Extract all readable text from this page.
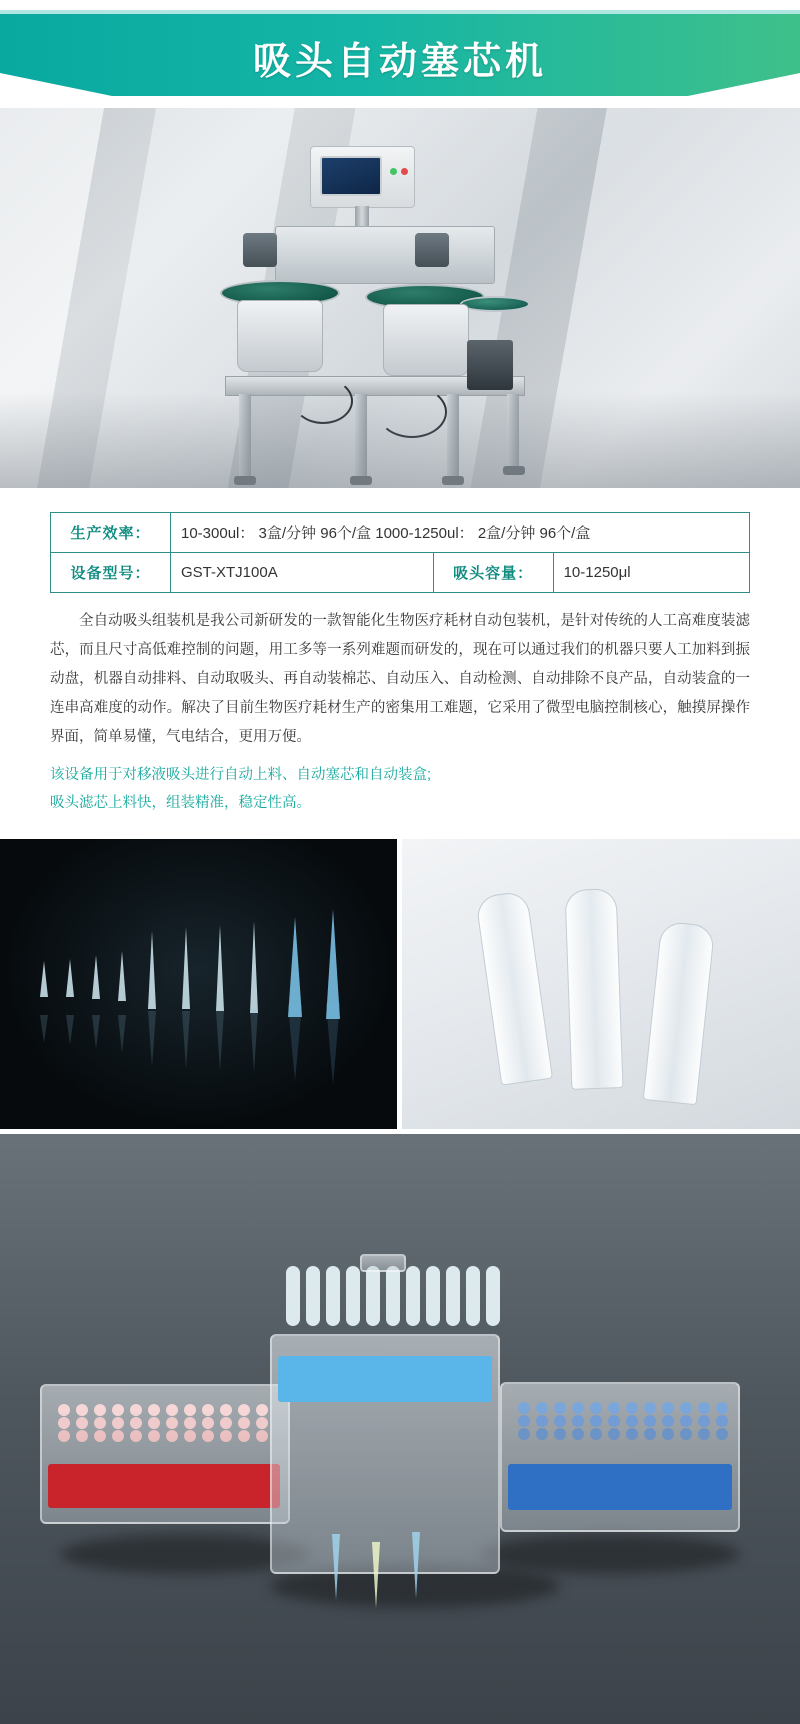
吸头自动塞芯机
生产效率：	10-300ul： 3盒/分钟 96个/盒 1000-1250ul： 2盒/分钟 96个/盒		
设备型号：	GST-XTJ100A	吸头容量：	10-1250μl
全自动吸头组装机是我公司新研发的一款智能化生物医疗耗材自动包装机，是针对传统的人工高难度装滤芯，而且尺寸高低难控制的问题，用工多等一系列难题而研发的，现在可以通过我们的机器只要人工加料到振动盘，机器自动排料、自动取吸头、再自动装棉芯、自动压入、自动检测、自动排除不良产品，自动装盒的一连串高难度的动作。解决了目前生物医疗耗材生产的密集用工难题，它采用了微型电脑控制核心，触摸屏操作界面，简单易懂，气电结合，更用万便。
该设备用于对移液吸头进行自动上料、自动塞芯和自动装盒;
吸头滤芯上料快，组装精准，稳定性高。
